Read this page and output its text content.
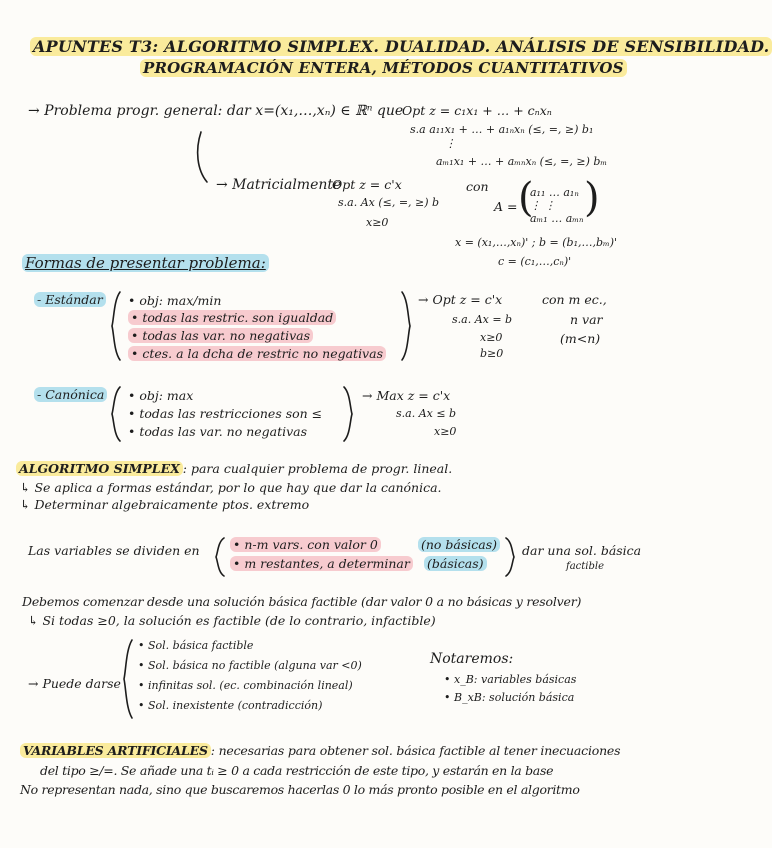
APUNTES T3: ALGORITMO SIMPLEX. DUALIDAD. ANÁLISIS DE SENSIBILIDAD.
PROGRAMACIÓN ENTERA, MÉTODOS CUANTITATIVOS
→ Problema progr. general: dar x=(x₁,…,xₙ) ∈ ℝⁿ que
Opt z = c₁x₁ + … + cₙxₙ
s.a a₁₁x₁ + … + a₁ₙxₙ (≤, =, ≥) b₁
⋮
aₘ₁x₁ + … + aₘₙxₙ (≤, =, ≥) bₘ
→ Matricialmente
Opt z = c'x
s.a. Ax (≤, =, ≥) b
x≥0
con
A = (
a₁₁ … a₁ₙ
⋮ ⋮
aₘ₁ … aₘₙ )
x = (x₁,…,xₙ)' ; b = (b₁,…,bₘ)'
c = (c₁,…,cₙ)'
Formas de presentar problema:
- Estándar • obj: max/min
• todas las restric. son igualdad
• todas las var. no negativas
• ctes. a la dcha de restric no negativas
→ Opt z = c'x
s.a. Ax = b
x≥0
b≥0
con m ec.,
n var
(m<n)
- Canónica • obj: max
• todas las restricciones son ≤
• todas las var. no negativas
→ Max z = c'x
s.a. Ax ≤ b
x≥0
ALGORITMO SIMPLEX : para cualquier problema de progr. lineal.
↳ Se aplica a formas estándar, por lo que hay que dar la canónica.
↳ Determinar algebraicamente ptos. extremo
Las variables se dividen en	• n-m vars. con valor 0
• m restantes, a determinar
(no básicas)
(básicas)
dar una sol. básica
factible
Debemos comenzar desde una solución básica factible (dar valor 0 a no básicas y resolver)
↳ Si todas ≥0, la solución es factible (de lo contrario, infactible)
→ Puede darse
• Sol. básica factible
• Sol. básica no factible (alguna var <0)
• infinitas sol. (ec. combinación lineal)
• Sol. inexistente (contradicción)
Notaremos:
• x_B: variables básicas
• B_xB: solución básica
VARIABLES ARTIFICIALES : necesarias para obtener sol. básica factible al tener inecuaciones
del tipo ≥/=. Se añade una tᵢ ≥ 0 a cada restricción de este tipo, y estarán en la base
No representan nada, sino que buscaremos hacerlas 0 lo más pronto posible en el algoritmo
